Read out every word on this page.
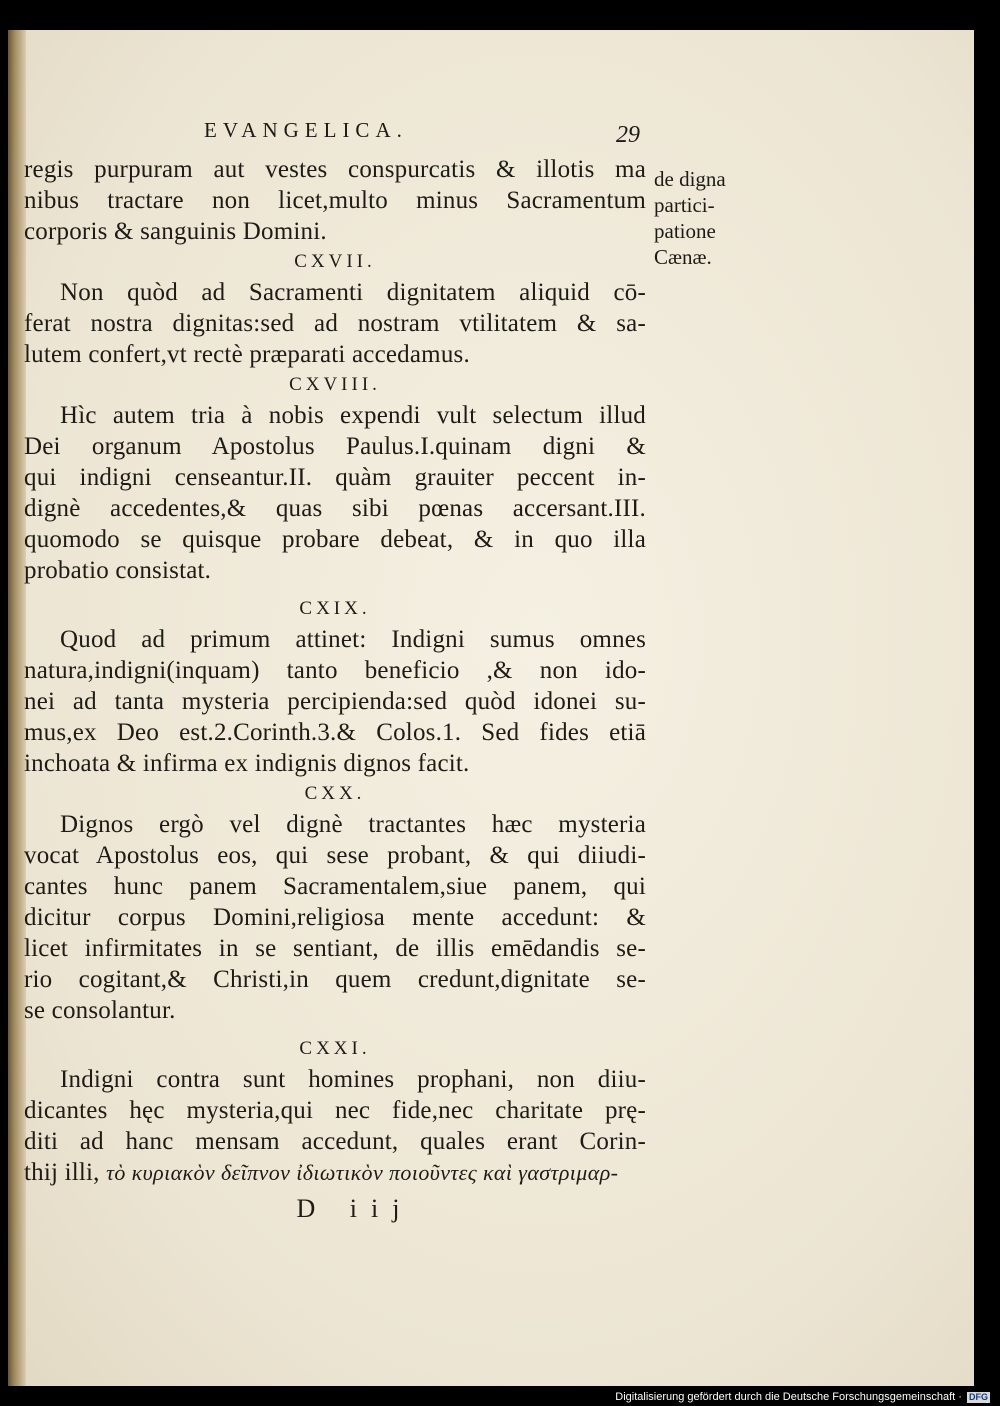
EVANGELICA.	29
de digna
partici-
patione
Cænæ.
regis purpuram aut vestes conspurcatis & illotis ma
nibus tractare non licet,multo minus Sacramentum
corporis & sanguinis Domini.
CXVII.
Non quòd ad Sacramenti dignitatem aliquid cō-
ferat nostra dignitas:sed ad nostram vtilitatem & sa-
lutem confert,vt rectè præparati accedamus.
CXVIII.
Hìc autem tria à nobis expendi vult selectum illud
Dei organum Apostolus Paulus.I.quinam digni &
qui indigni censeantur.II. quàm grauiter peccent in-
dignè accedentes,& quas sibi pœnas accersant.III.
quomodo se quisque probare debeat, & in quo illa
probatio consistat.
CXIX.
Quod ad primum attinet: Indigni sumus omnes
natura,indigni(inquam) tanto beneficio ,& non ido-
nei ad tanta mysteria percipienda:sed quòd idonei su-
mus,ex Deo est.2.Corinth.3.& Colos.1. Sed fides etiā
inchoata & infirma ex indignis dignos facit.
CXX.
Dignos ergò vel dignè tractantes hæc mysteria
vocat Apostolus eos, qui sese probant, & qui diiudi-
cantes hunc panem Sacramentalem,siue panem, qui
dicitur corpus Domini,religiosa mente accedunt: &
licet infirmitates in se sentiant, de illis emēdandis se-
rio cogitant,& Christi,in quem credunt,dignitate se-
se consolantur.
CXXI.
Indigni contra sunt homines prophani, non diiu-
dicantes hęc mysteria,qui nec fide,nec charitate prę-
diti ad hanc mensam accedunt, quales erant Corin-
thij illi, τὸ κυριακὸν δεῖπνον ἰδιωτικὸν ποιοῦντες καὶ γαστριμαρ-
D iij
Digitalisierung gefördert durch die Deutsche Forschungsgemeinschaft · DFG
